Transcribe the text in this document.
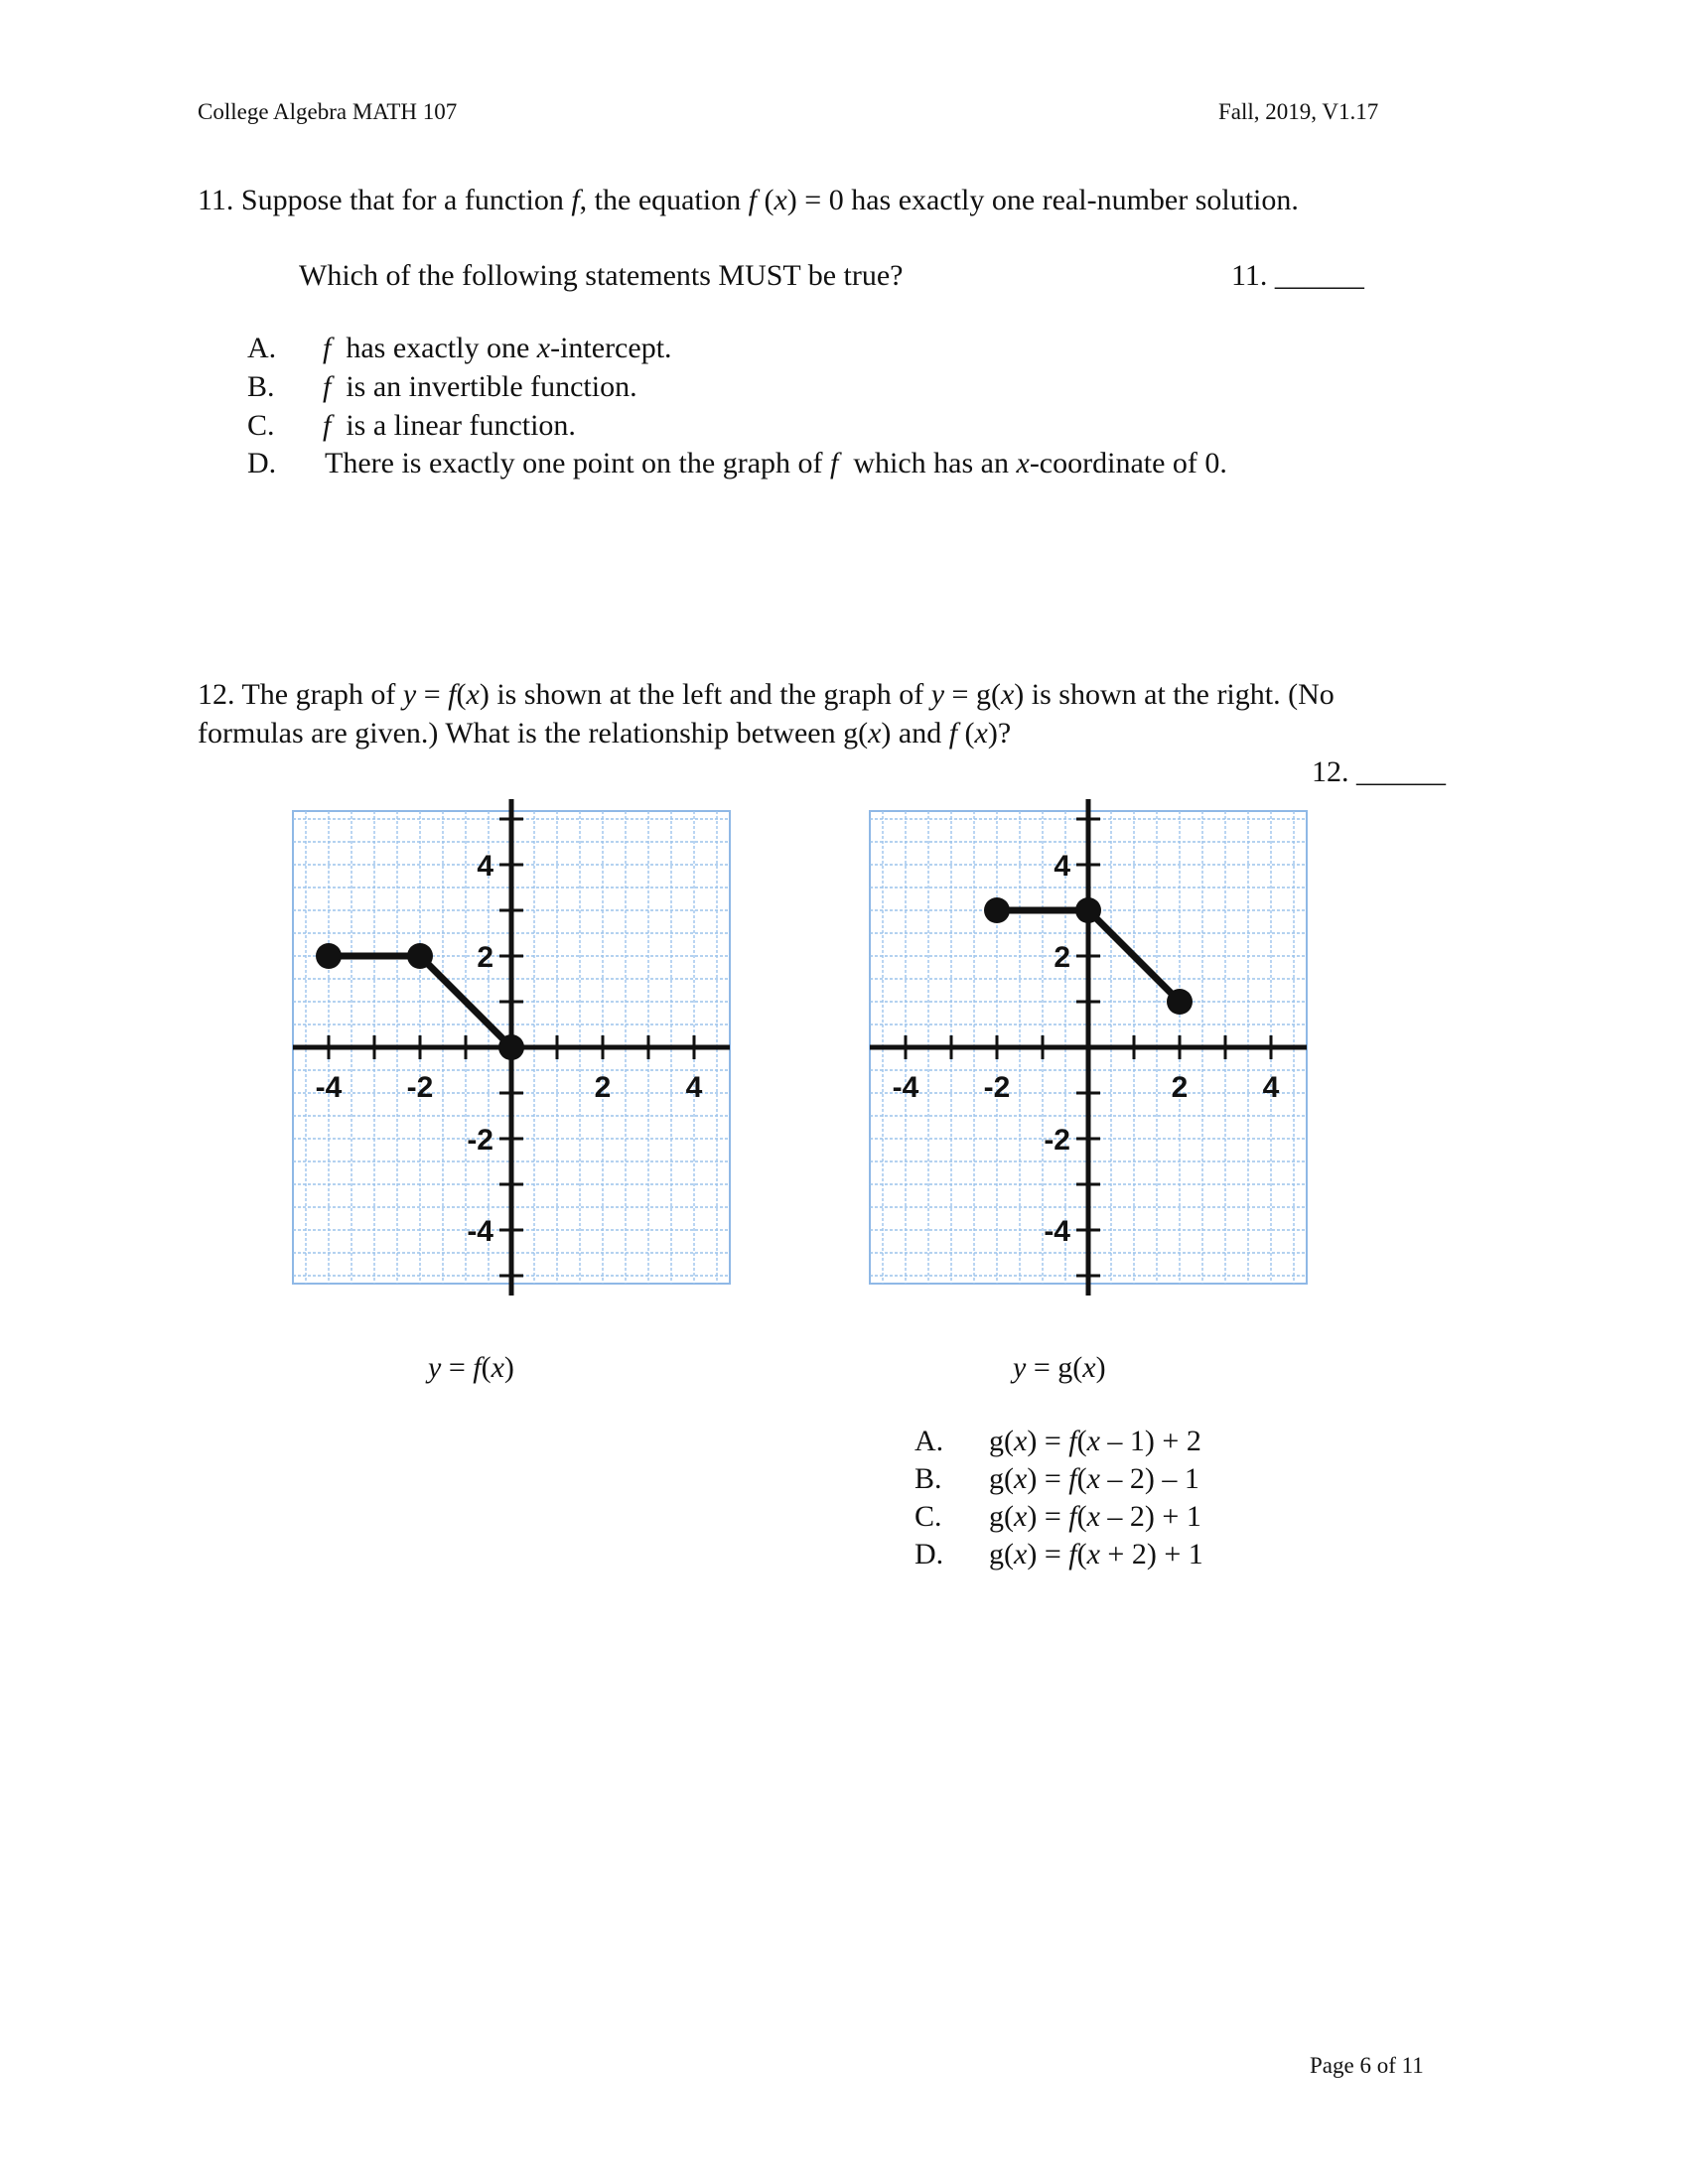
College Algebra MATH 107	Fall, 2019, V1.17
11. Suppose that for a function f, the equation f (x) = 0 has exactly one real-number solution.
Which of the following statements MUST be true?	11. ______
A. f  has exactly one x-intercept.
B. f  is an invertible function.
C. f  is a linear function.
D. There is exactly one point on the graph of f  which has an x-coordinate of 0.
12. The graph of y = f(x) is shown at the left and the graph of y = g(x) is shown at the right. (No
formulas are given.) What is the relationship between g(x) and f (x)?
12. ______
-4 -2	2	4
4
2
-2
-4
-4 -2	2	4
4
2
-2
-4
y = f(x)	y = g(x)
A. g(x) = f(x – 1) + 2
B. g(x) = f(x – 2) – 1
C. g(x) = f(x – 2) + 1
D. g(x) = f(x + 2) + 1
Page 6 of 11
